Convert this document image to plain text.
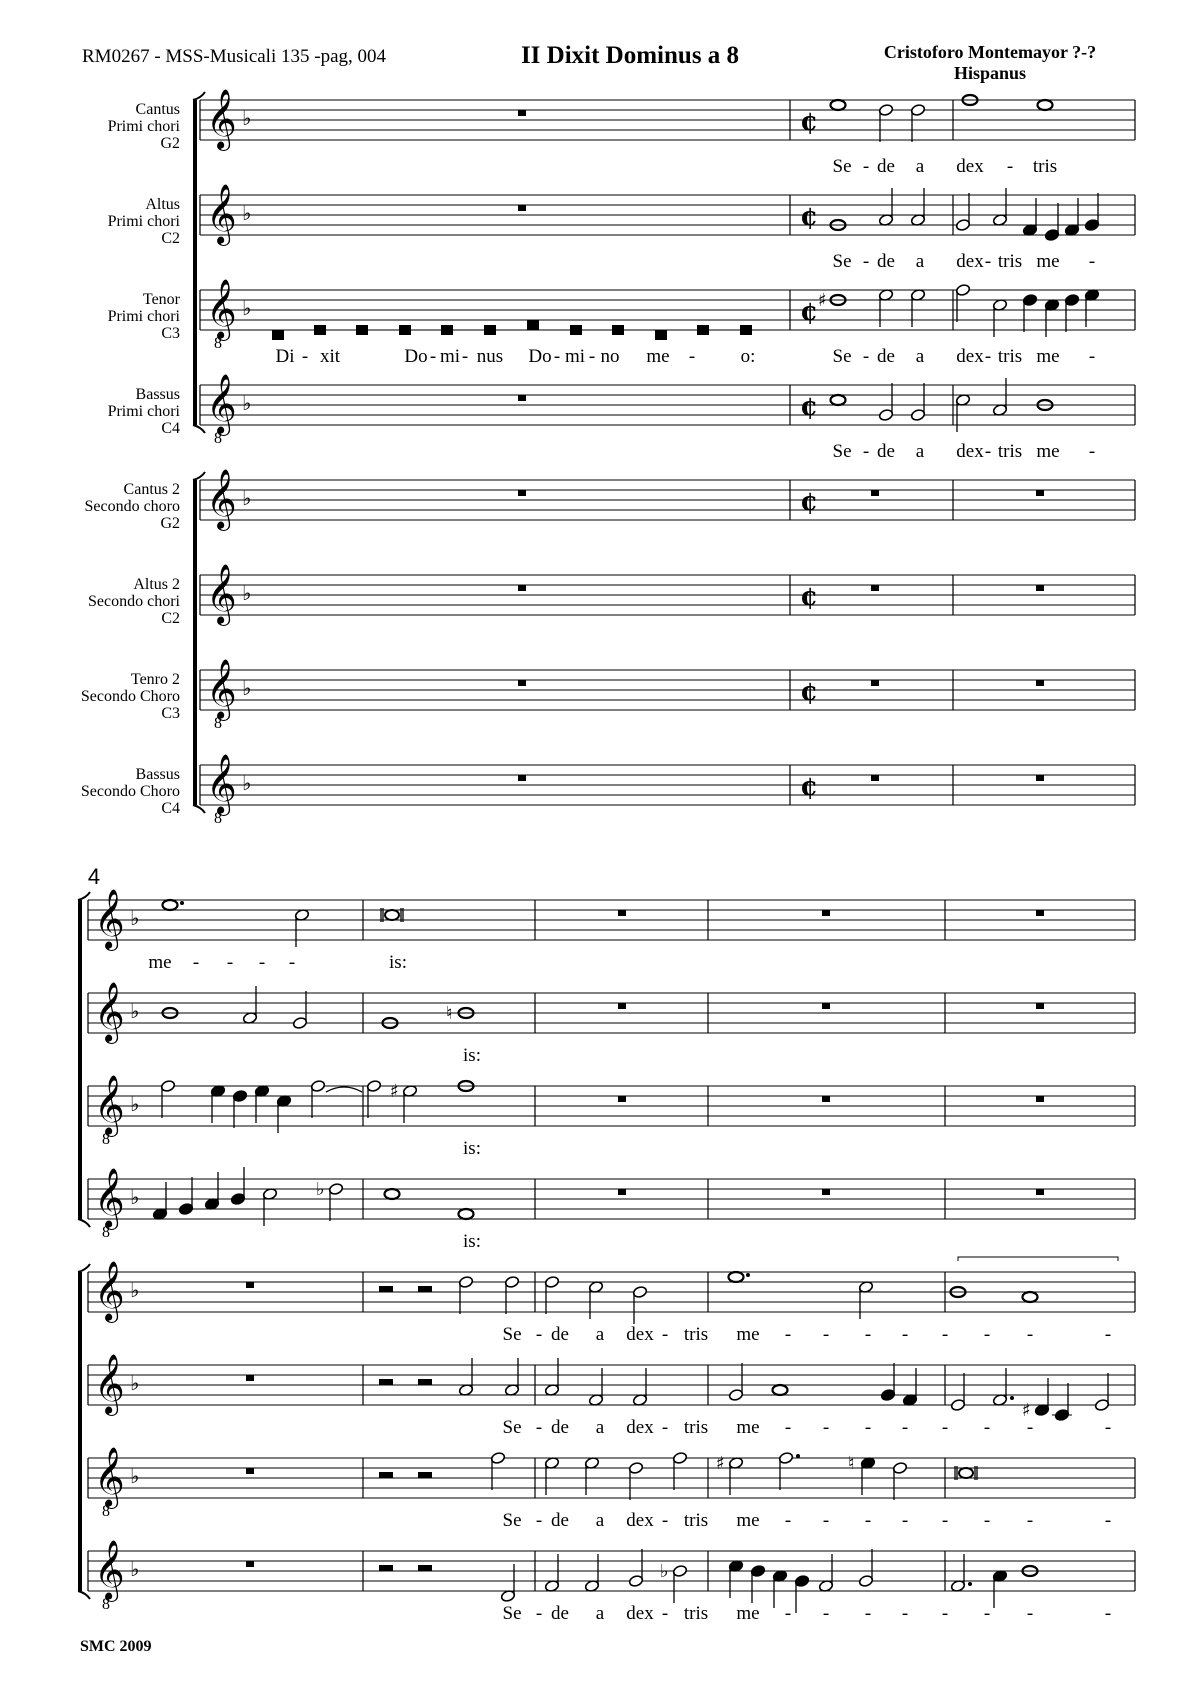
RM0267 - MSS-Musicali 135 -pag, 004	II Dixit Dominus a 8	Cristoforo Montemayor ?-?
Hispanus
𝄞 ♭	¢
Cantus
Primi chori
G2
𝄞 ♭	¢
Altus
Primi chori
C2
𝄞
8
♭	¢
Tenor
Primi chori
C3
𝄞
8
♭	¢
Bassus
Primi chori
C4
𝄞 ♭	¢
Cantus 2
Secondo choro
G2
𝄞 ♭	¢
Altus 2
Secondo chori
C2
𝄞
8
♭	¢
Tenro 2
Secondo Choro
C3
𝄞
8
♭	¢
Bassus
Secondo Choro
C4
♯
Se - de a dex - tris
Se - de a dex - tris me -
Di - xit	Do - mi - nus Do - mi - no me - o:	Se - de a dex - tris me -
Se - de a dex - tris me -
4
𝄞 ♭
𝄞 ♭
𝄞
8
♭
𝄞
8
♭
𝄞 ♭
𝄞 ♭
𝄞
8
♭
𝄞
8
♭
♮
♯
♭
♯
♯	♮
♭
me - - - -	is:
is:
is:
is:
Se - de a dex - tris me - - - - - - -	-
Se - de a dex - tris me - - - - - - -	-
Se - de a dex - tris me - - - - - - -	-
Se - de a dex - tris me - - - - - - -	-
SMC 2009
